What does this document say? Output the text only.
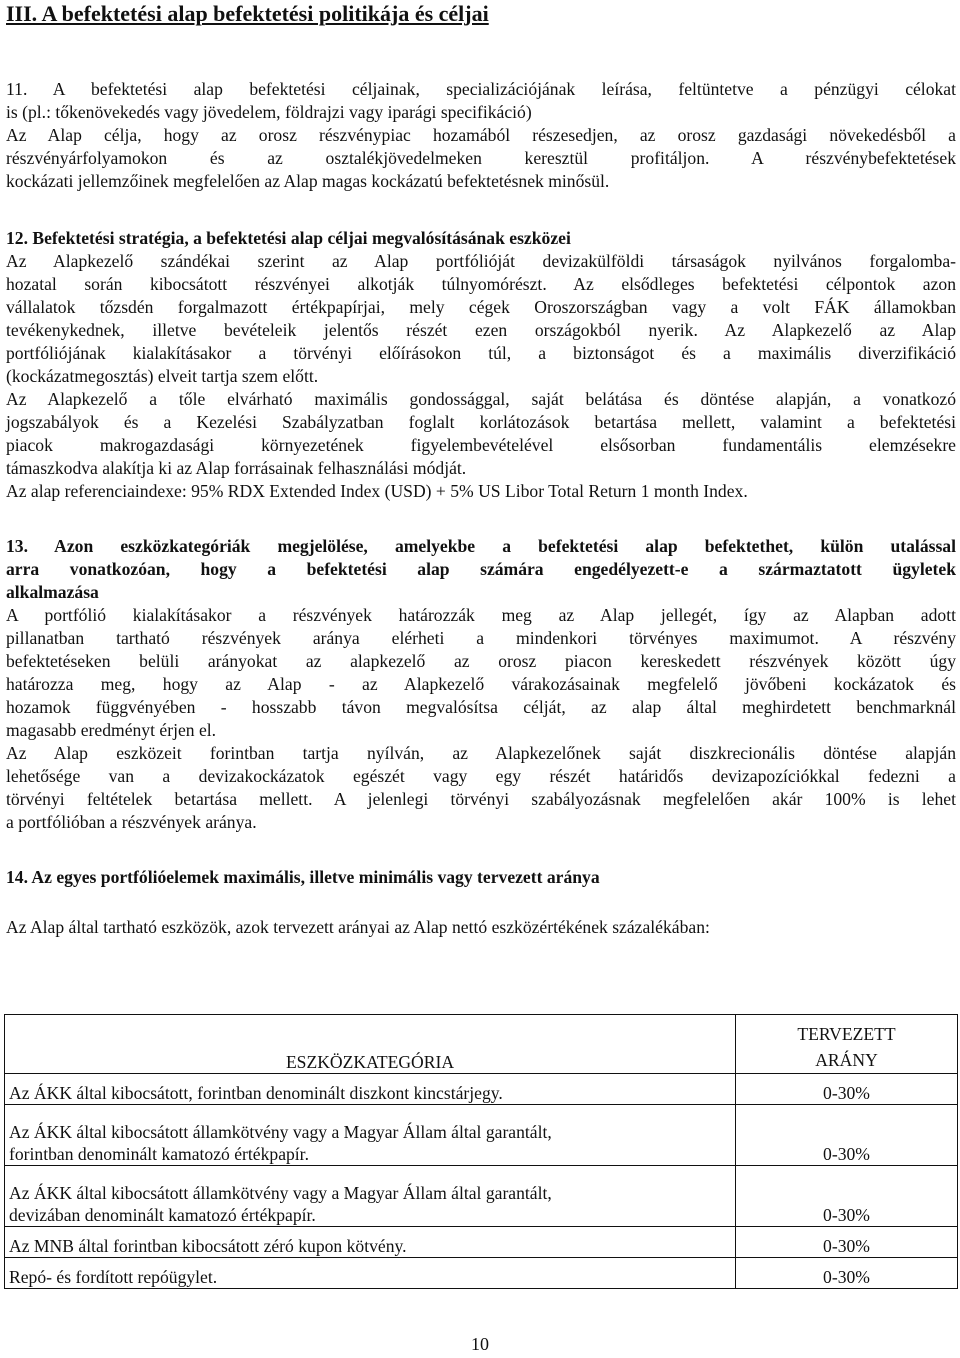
III. A befektetési alap befektetési politikája és céljai
11. A befektetési alap befektetési céljainak, specializációjának leírása, feltüntetve a pénzügyi célokat
is (pl.: tőkenövekedés vagy jövedelem, földrajzi vagy iparági specifikáció)
Az Alap célja, hogy az orosz részvénypiac hozamából részesedjen, az orosz gazdasági növekedésből a
részvényárfolyamokon és az osztalékjövedelmeken keresztül profitáljon. A részvénybefektetések
kockázati jellemzőinek megfelelően az Alap magas kockázatú befektetésnek minősül.
12. Befektetési stratégia, a befektetési alap céljai megvalósításának eszközei
Az Alapkezelő szándékai szerint az Alap portfólióját devizakülföldi társaságok nyilvános forgalomba-
hozatal során kibocsátott részvényei alkotják túlnyomórészt. Az elsődleges befektetési célpontok azon
vállalatok tőzsdén forgalmazott értékpapírjai, mely cégek Oroszországban vagy a volt FÁK államokban
tevékenykednek, illetve bevételeik jelentős részét ezen országokból nyerik. Az Alapkezelő az Alap
portfóliójának kialakításakor a törvényi előírásokon túl, a biztonságot és a maximális diverzifikáció
(kockázatmegosztás) elveit tartja szem előtt.
Az Alapkezelő a tőle elvárható maximális gondossággal, saját belátása és döntése alapján, a vonatkozó
jogszabályok és a Kezelési Szabályzatban foglalt korlátozások betartása mellett, valamint a befektetési
piacok makrogazdasági környezetének figyelembevételével elsősorban fundamentális elemzésekre
támaszkodva alakítja ki az Alap forrásainak felhasználási módját.
Az alap referenciaindexe: 95% RDX Extended Index (USD) + 5% US Libor Total Return 1 month Index.
13. Azon eszközkategóriák megjelölése, amelyekbe a befektetési alap befektethet, külön utalással
arra vonatkozóan, hogy a befektetési alap számára engedélyezett-e a származtatott ügyletek
alkalmazása
A portfólió kialakításakor a részvények határozzák meg az Alap jellegét, így az Alapban adott
pillanatban tartható részvények aránya elérheti a mindenkori törvényes maximumot. A részvény
befektetéseken belüli arányokat az alapkezelő az orosz piacon kereskedett részvények között úgy
határozza meg, hogy az Alap - az Alapkezelő várakozásainak megfelelő jövőbeni kockázatok és
hozamok függvényében - hosszabb távon megvalósítsa célját, az alap által meghirdetett benchmarknál
magasabb eredményt érjen el.
Az Alap eszközeit forintban tartja nyílván, az Alapkezelőnek saját diszkrecionális döntése alapján
lehetősége van a devizakockázatok egészét vagy egy részét határidős devizapozíciókkal fedezni a
törvényi feltételek betartása mellett. A jelenlegi törvényi szabályozásnak megfelelően akár 100% is lehet
a portfólióban a részvények aránya.
14. Az egyes portfólióelemek maximális, illetve minimális vagy tervezett aránya
Az Alap által tartható eszközök, azok tervezett arányai az Alap nettó eszközértékének százalékában:
ESZKÖZKATEGÓRIA	TERVEZETT
ARÁNY

Az ÁKK által kibocsátott, forintban denominált diszkont kincstárjegy.	0-30%

Az ÁKK által kibocsátott államkötvény vagy a Magyar Állam által garantált,
forintban denominált kamatozó értékpapír.	0-30%

Az ÁKK által kibocsátott államkötvény vagy a Magyar Állam által garantált,
devizában denominált kamatozó értékpapír.	0-30%
Az MNB által forintban kibocsátott zéró kupon kötvény.	0-30%
Repó- és fordított repóügylet.	0-30%
10
